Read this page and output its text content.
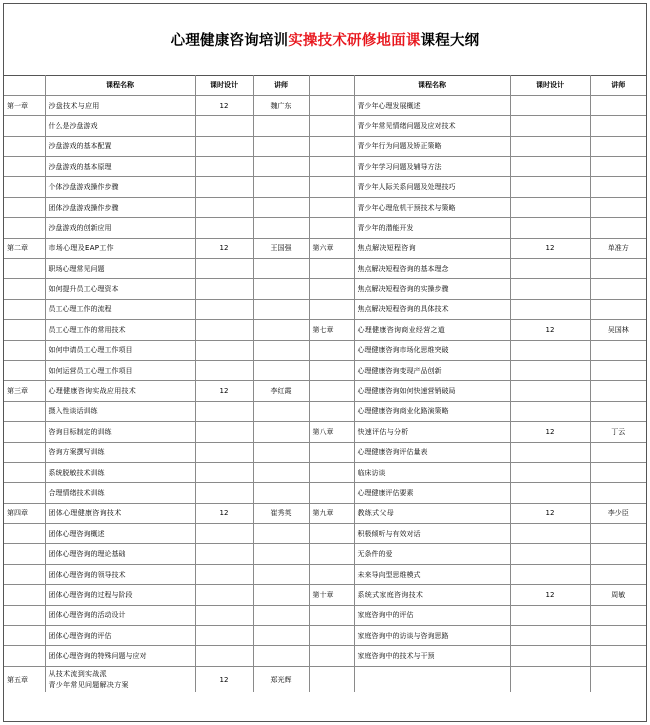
心理健康咨询培训实操技术研修地面课课程大纲
	课程名称	课时设计	讲师		课程名称	课时设计	讲师
第一章	沙盘技术与应用	12	魏广东		青少年心理发展概述		
	什么是沙盘游戏				青少年常见情绪问题及应对技术		
	沙盘游戏的基本配置				青少年行为问题及矫正策略		
	沙盘游戏的基本原理				青少年学习问题及辅导方法		
	个体沙盘游戏操作步骤				青少年人际关系问题及处理技巧		
	团体沙盘游戏操作步骤				青少年心理危机干预技术与策略		
	沙盘游戏的创新应用				青少年的潜能开发		
第二章	市场心理及EAP工作	12	王国强	第六章	焦点解决短程咨询	12	单准方
	职场心理常见问题				焦点解决短程咨询的基本理念		
	如何提升员工心理资本				焦点解决短程咨询的实操步骤		
	员工心理工作的流程				焦点解决短程咨询的具体技术		
	员工心理工作的常用技术			第七章	心理健康咨询商业经营之道	12	吴国林
	如何申请员工心理工作项目				心理健康咨询市场化思维突破		
	如何运营员工心理工作项目				心理健康咨询变现产品创新		
第三章	心理健康咨询实战应用技术	12	李红霞		心理健康咨询如何快速营销破局		
	摄入性谈话训练				心理健康咨询商业化路演策略		
	咨询目标制定的训练			第八章	快速评估与分析	12	丁云
	咨询方案撰写训练				心理健康咨询评估量表		
	系统脱敏技术训练				临床访谈		
	合理情绪技术训练				心理健康评估要素		
第四章	团体心理健康咨询技术	12	崔秀英	第九章	教练式父母	12	李少臣
	团体心理咨询概述				积极倾听与有效对话		
	团体心理咨询的理论基础				无条件的爱		
	团体心理咨询的领导技术				未来导向型思维模式		
	团体心理咨询的过程与阶段			第十章	系统式家庭咨询技术	12	周敏
	团体心理咨询的活动设计				家庭咨询中的评估		
	团体心理咨询的评估				家庭咨询中的访谈与咨询思路		
	团体心理咨询的特殊问题与应对				家庭咨询中的技术与干预		
第五章	从技术流到实战派
青少年常见问题解决方案	12	郑光辉				
